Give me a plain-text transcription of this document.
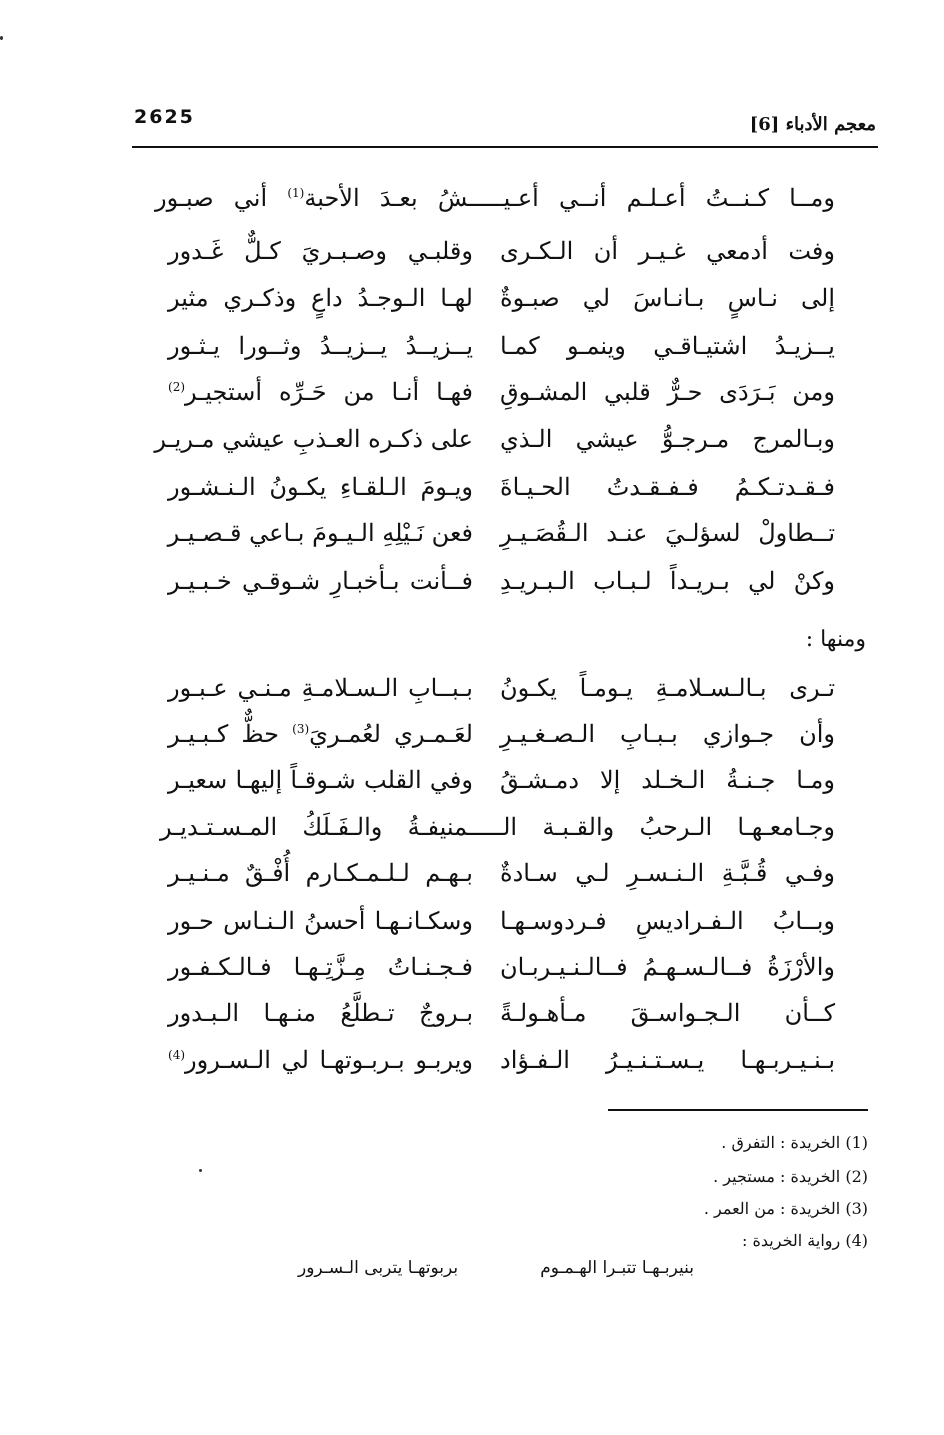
2625	معجم الأدباء [6]
ومــا كـنــتُ أعـلـم أنــي أعـيـــــشُ بعـدَ الأحبة$^{(1)}$ أني صبـور
وفت أدمعي غـيـر أن الـكـرى
وقلبـي وصـبـريَ كـلٌّ غَـدور
إلى نـاسٍ بـانـاسَ لي صبـوةٌ
لهـا الـوجـدُ داعٍ وذكـري مثير
يــزيـدُ اشتيـاقـي وينمـو كمـا
يــزيــدُ يــزيــدُ وثــورا يـثـور
ومن بَـرَدَى حـرٌّ قلبي المشـوقِ
فهـا أنـا من حَـرِّه أستجيـر$^{(2)}$
وبـالمرج مـرجـوُّ عيشي الـذي
على ذكـره العـذبِ عيشي مـريـر
فـقـدتـكـمُ فـفـقـدتُ الحـيـاةَ
ويـومَ الـلقـاءِ يكـونُ الـنـشـور
تــطاولْ لسؤلـيَ عنـد الـقُصَـيـرِ
فعن نَـيْلِهِ الـيـومَ بـاعي قـصـيـر
وكنْ لي بـريـداً لـبـاب الـبـريـدِ
فــأنت بـأخبـارِ شـوقـي خـبـيـر
ومنها :
تـرى بـالـسـلامـةِ يـومـاً يكـونُ
بـبــابِ الـسـلامـةِ مـنـي عـبـور
وأن جـوازي بـبـابِ الـصـغـيـرِ
لعَـمـري لعُمـريَ$^{(3)}$ حظٌّ كـبـيـر
ومـا جـنـةُ الـخـلد إلا دمـشـقُ
وفي القلب شـوقـاً إليهـا سعيـر
وجـامعـهـا الـرحبُ والقـبـة الـــــمنيفـةُ والـفَـلَكُ المـسـتـديـر
وفـي قُـبَّـةِ الـنـسـرِ لـي سـادةٌ
بـهـم لـلـمـكـارم أُفْـقٌ مـنـيـر
وبــابُ الـفـراديسِ فـردوسـهـا
وسكـانـهـا أحسنُ الـنـاس حـور
والأرْزَةُ فــالـسـهـمُ فــالـنـيـربـان
فـجـنـاتُ مِـزَّتِـهـا فـالـكـفـور
كــأن الـجـواسـقَ مـأهـولـةً
بـروجٌ تـطلَّعُ منـهـا الـبـدور
بـنـيـربـهـا يـسـتـنـيـرُ الـفـؤاد
ويربـو بـربـوتهـا لي الـسـرور$^{(4)}$
(1) الخريدة : التفرق .
(2) الخريدة : مستجير .
(3) الخريدة : من العمر .
(4) رواية الخريدة :
بنيربـهـا تتبـرا الهـمـوم
بربوتهـا يتربى الـسـرور
